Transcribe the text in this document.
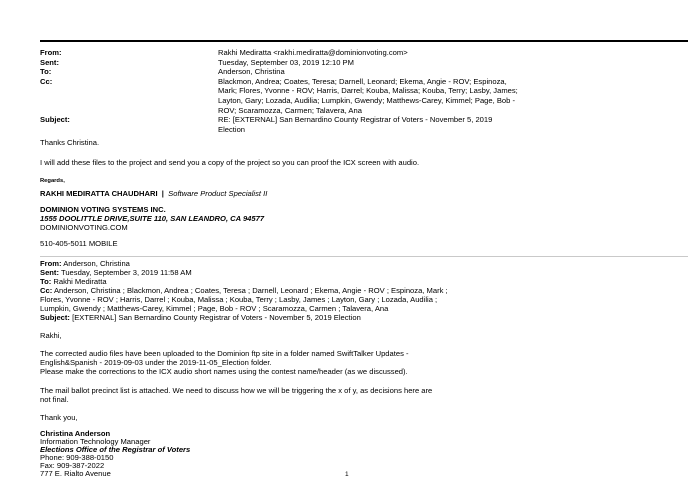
From:	Rakhi Mediratta <rakhi.mediratta@dominionvoting.com>
Sent:	Tuesday, September 03, 2019 12:10 PM
To:	Anderson, Christina
Cc:	Blackmon, Andrea; Coates, Teresa; Darnell, Leonard; Ekema, Angie - ROV; Espinoza,
Mark; Flores, Yvonne - ROV; Harris, Darrel; Kouba, Malissa; Kouba, Terry; Lasby, James;
Layton, Gary; Lozada, Audilia; Lumpkin, Gwendy; Matthews-Carey, Kimmel; Page, Bob -
ROV; Scaramozza, Carmen; Talavera, Ana
Subject:	RE: [EXTERNAL] San Bernardino County Registrar of Voters - November 5, 2019
Election
Thanks Christina.
I will add these files to the project and send you a copy of the project so you can proof the ICX screen with audio.
Regards,
RAKHI MEDIRATTA CHAUDHARI | Software Product Specialist II
DOMINION VOTING SYSTEMS INC.
1555 DOOLITTLE DRIVE,SUITE 110, SAN LEANDRO, CA 94577
DOMINIONVOTING.COM
510-405-5011 MOBILE
From: Anderson, Christina
Sent: Tuesday, September 3, 2019 11:58 AM
To: Rakhi Mediratta
Cc: Anderson, Christina ; Blackmon, Andrea ; Coates, Teresa ; Darnell, Leonard ; Ekema, Angie - ROV ; Espinoza, Mark ;
Flores, Yvonne - ROV ; Harris, Darrel ; Kouba, Malissa ; Kouba, Terry ; Lasby, James ; Layton, Gary ; Lozada, Audilia ;
Lumpkin, Gwendy ; Matthews-Carey, Kimmel ; Page, Bob - ROV ; Scaramozza, Carmen ; Talavera, Ana
Subject: [EXTERNAL] San Bernardino County Registrar of Voters - November 5, 2019 Election
Rakhi,
The corrected audio files have been uploaded to the Dominion ftp site in a folder named SwiftTalker Updates -
English&Spanish - 2019-09-03 under the 2019-11-05_Election folder.
Please make the corrections to the ICX audio short names using the contest name/header (as we discussed).
The mail ballot precinct list is attached. We need to discuss how we will be triggering the x of y, as decisions here are
not final.
Thank you,
Christina Anderson
Information Technology Manager
Elections Office of the Registrar of Voters
Phone: 909-388-0150
Fax: 909-387-2022
777 E. Rialto Avenue	1
